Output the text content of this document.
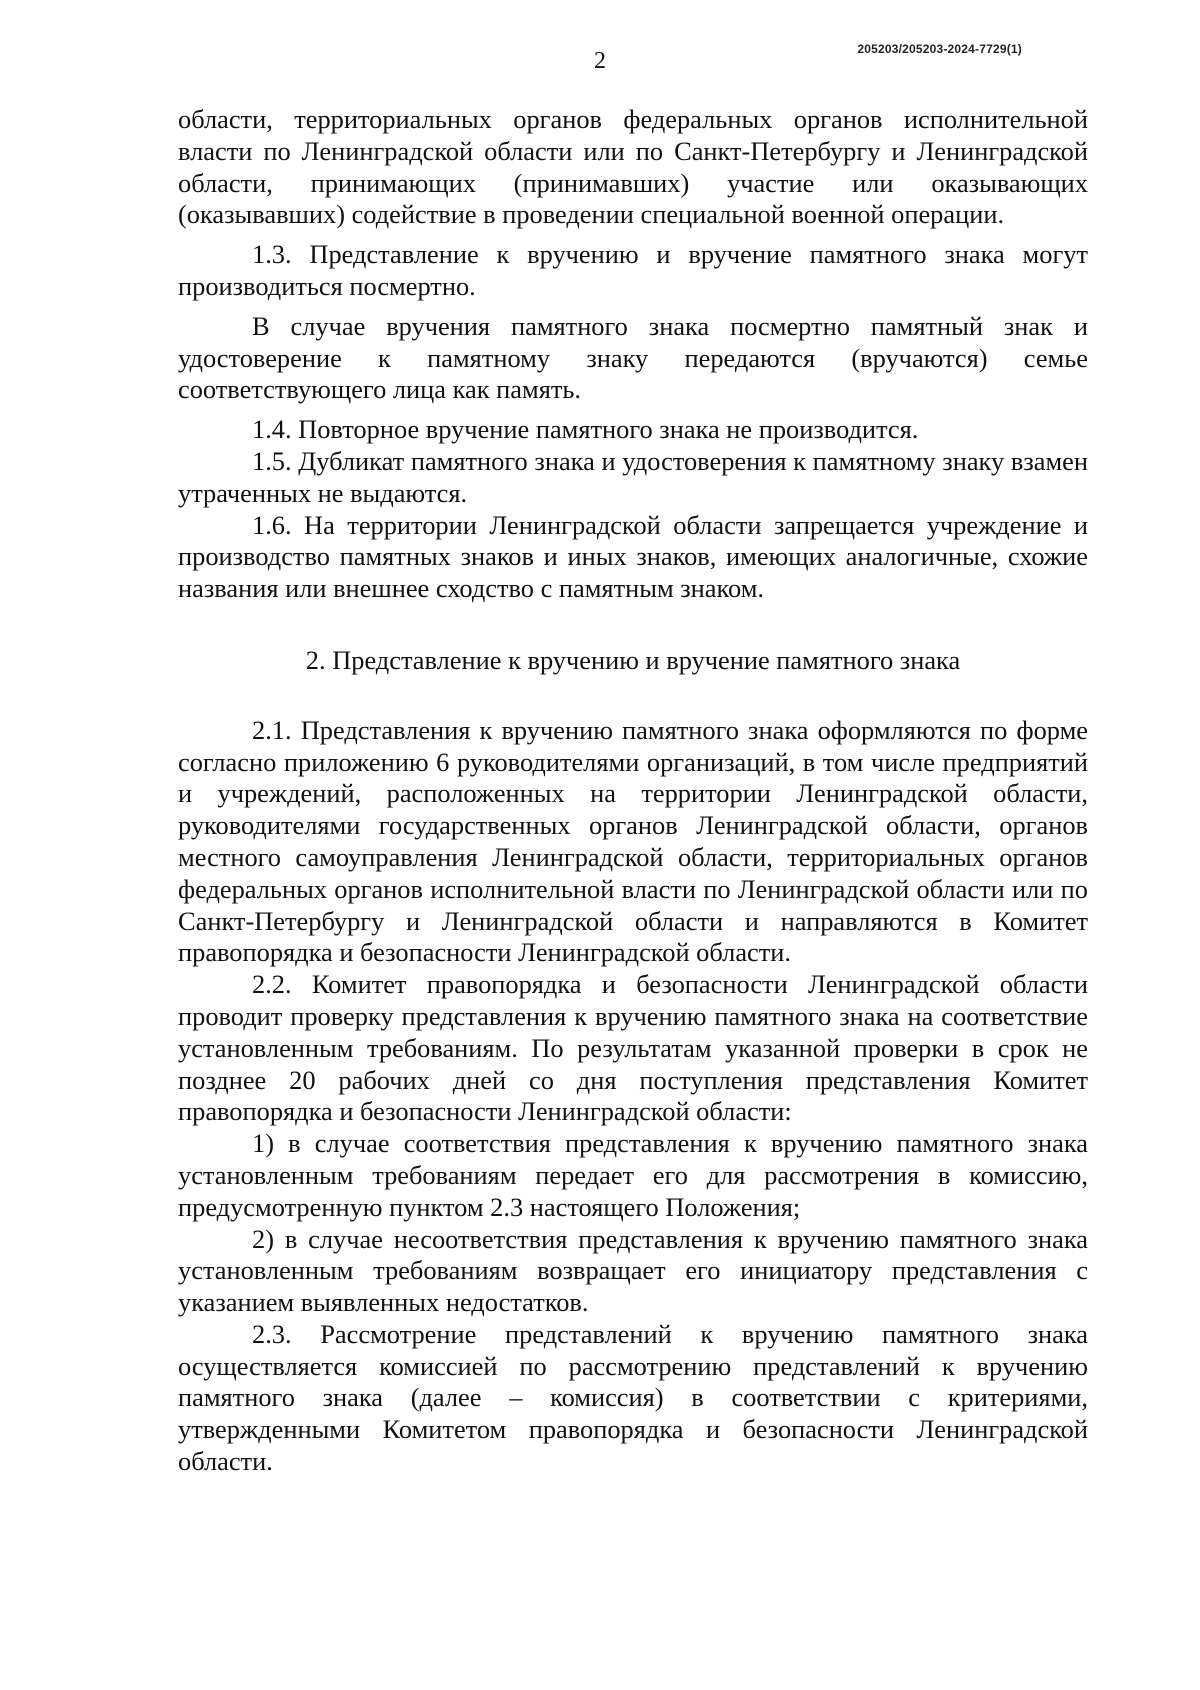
205203/205203-2024-7729(1)
2

области, территориальных органов федеральных органов исполнительной власти по Ленинградской области или по Санкт-Петербургу и Ленинградской области, принимающих (принимавших) участие или оказывающих (оказывавших) содействие в проведении специальной военной операции.

1.3. Представление к вручению и вручение памятного знака могут производиться посмертно.

В случае вручения памятного знака посмертно памятный знак и удостоверение к памятному знаку передаются (вручаются) семье соответствующего лица как память.

1.4. Повторное вручение памятного знака не производится.

1.5. Дубликат памятного знака и удостоверения к памятному знаку взамен утраченных не выдаются.

1.6. На территории Ленинградской области запрещается учреждение и производство памятных знаков и иных знаков, имеющих аналогичные, схожие названия или внешнее сходство с памятным знаком.

2. Представление к вручению и вручение памятного знака

2.1. Представления к вручению памятного знака оформляются по форме согласно приложению 6 руководителями организаций, в том числе предприятий и учреждений, расположенных на территории Ленинградской области, руководителями государственных органов Ленинградской области, органов местного самоуправления Ленинградской области, территориальных органов федеральных органов исполнительной власти по Ленинградской области или по Санкт-Петербургу и Ленинградской области и направляются в Комитет правопорядка и безопасности Ленинградской области.

2.2. Комитет правопорядка и безопасности Ленинградской области проводит проверку представления к вручению памятного знака на соответствие установленным требованиям. По результатам указанной проверки в срок не позднее 20 рабочих дней со дня поступления представления Комитет правопорядка и безопасности Ленинградской области:

1) в случае соответствия представления к вручению памятного знака установленным требованиям передает его для рассмотрения в комиссию, предусмотренную пунктом 2.3 настоящего Положения;

2) в случае несоответствия представления к вручению памятного знака установленным требованиям возвращает его инициатору представления с указанием выявленных недостатков.

2.3. Рассмотрение представлений к вручению памятного знака осуществляется комиссией по рассмотрению представлений к вручению памятного знака (далее – комиссия) в соответствии с критериями, утвержденными Комитетом правопорядка и безопасности Ленинградской области.
